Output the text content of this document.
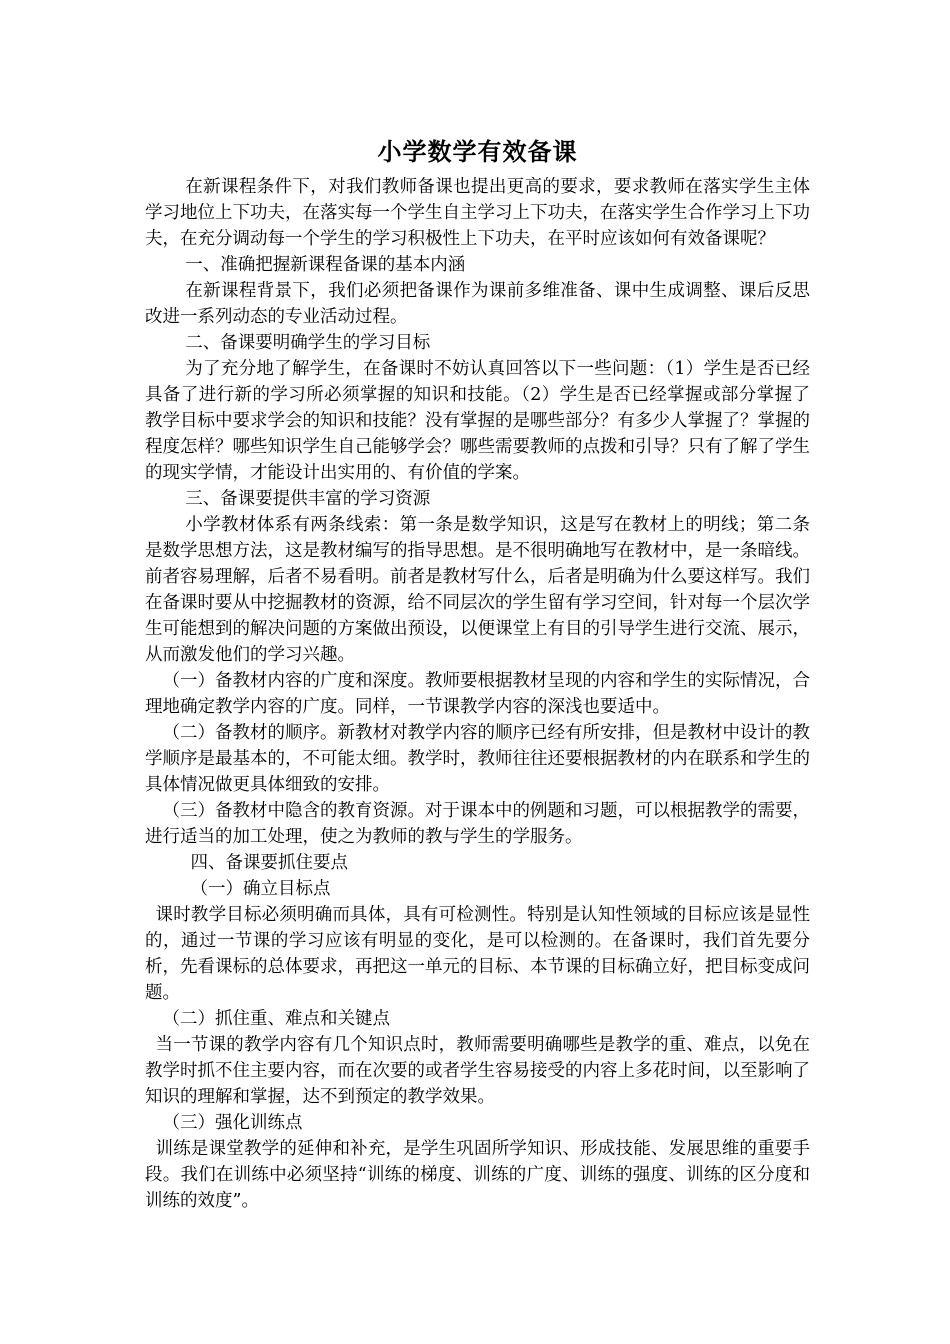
小学数学有效备课

在新课程条件下，对我们教师备课也提出更高的要求，要求教师在落实学生主体学习地位上下功夫，在落实每一个学生自主学习上下功夫，在落实学生合作学习上下功夫，在充分调动每一个学生的学习积极性上下功夫，在平时应该如何有效备课呢？

一、准确把握新课程备课的基本内涵

在新课程背景下，我们必须把备课作为课前多维准备、课中生成调整、课后反思改进一系列动态的专业活动过程。

二、备课要明确学生的学习目标

为了充分地了解学生，在备课时不妨认真回答以下一些问题：（1）学生是否已经具备了进行新的学习所必须掌握的知识和技能。（2）学生是否已经掌握或部分掌握了教学目标中要求学会的知识和技能？没有掌握的是哪些部分？有多少人掌握了？掌握的程度怎样？哪些知识学生自己能够学会？哪些需要教师的点拨和引导？只有了解了学生的现实学情，才能设计出实用的、有价值的学案。

三、备课要提供丰富的学习资源

小学教材体系有两条线索：第一条是数学知识，这是写在教材上的明线；第二条是数学思想方法，这是教材编写的指导思想。是不很明确地写在教材中，是一条暗线。前者容易理解，后者不易看明。前者是教材写什么，后者是明确为什么要这样写。我们在备课时要从中挖掘教材的资源，给不同层次的学生留有学习空间，针对每一个层次学生可能想到的解决问题的方案做出预设，以便课堂上有目的引导学生进行交流、展示，从而激发他们的学习兴趣。

（一）备教材内容的广度和深度。教师要根据教材呈现的内容和学生的实际情况，合理地确定教学内容的广度。同样，一节课教学内容的深浅也要适中。

（二）备教材的顺序。新教材对教学内容的顺序已经有所安排，但是教材中设计的教学顺序是最基本的，不可能太细。教学时，教师往往还要根据教材的内在联系和学生的具体情况做更具体细致的安排。

（三）备教材中隐含的教育资源。对于课本中的例题和习题，可以根据教学的需要，进行适当的加工处理，使之为教师的教与学生的学服务。

四、备课要抓住要点

（一）确立目标点

课时教学目标必须明确而具体，具有可检测性。特别是认知性领域的目标应该是显性的，通过一节课的学习应该有明显的变化，是可以检测的。在备课时，我们首先要分析，先看课标的总体要求，再把这一单元的目标、本节课的目标确立好，把目标变成问题。

（二）抓住重、难点和关键点

当一节课的教学内容有几个知识点时，教师需要明确哪些是教学的重、难点，以免在教学时抓不住主要内容，而在次要的或者学生容易接受的内容上多花时间，以至影响了知识的理解和掌握，达不到预定的教学效果。

（三）强化训练点

训练是课堂教学的延伸和补充，是学生巩固所学知识、形成技能、发展思维的重要手段。我们在训练中必须坚持“训练的梯度、训练的广度、训练的强度、训练的区分度和训练的效度”。
